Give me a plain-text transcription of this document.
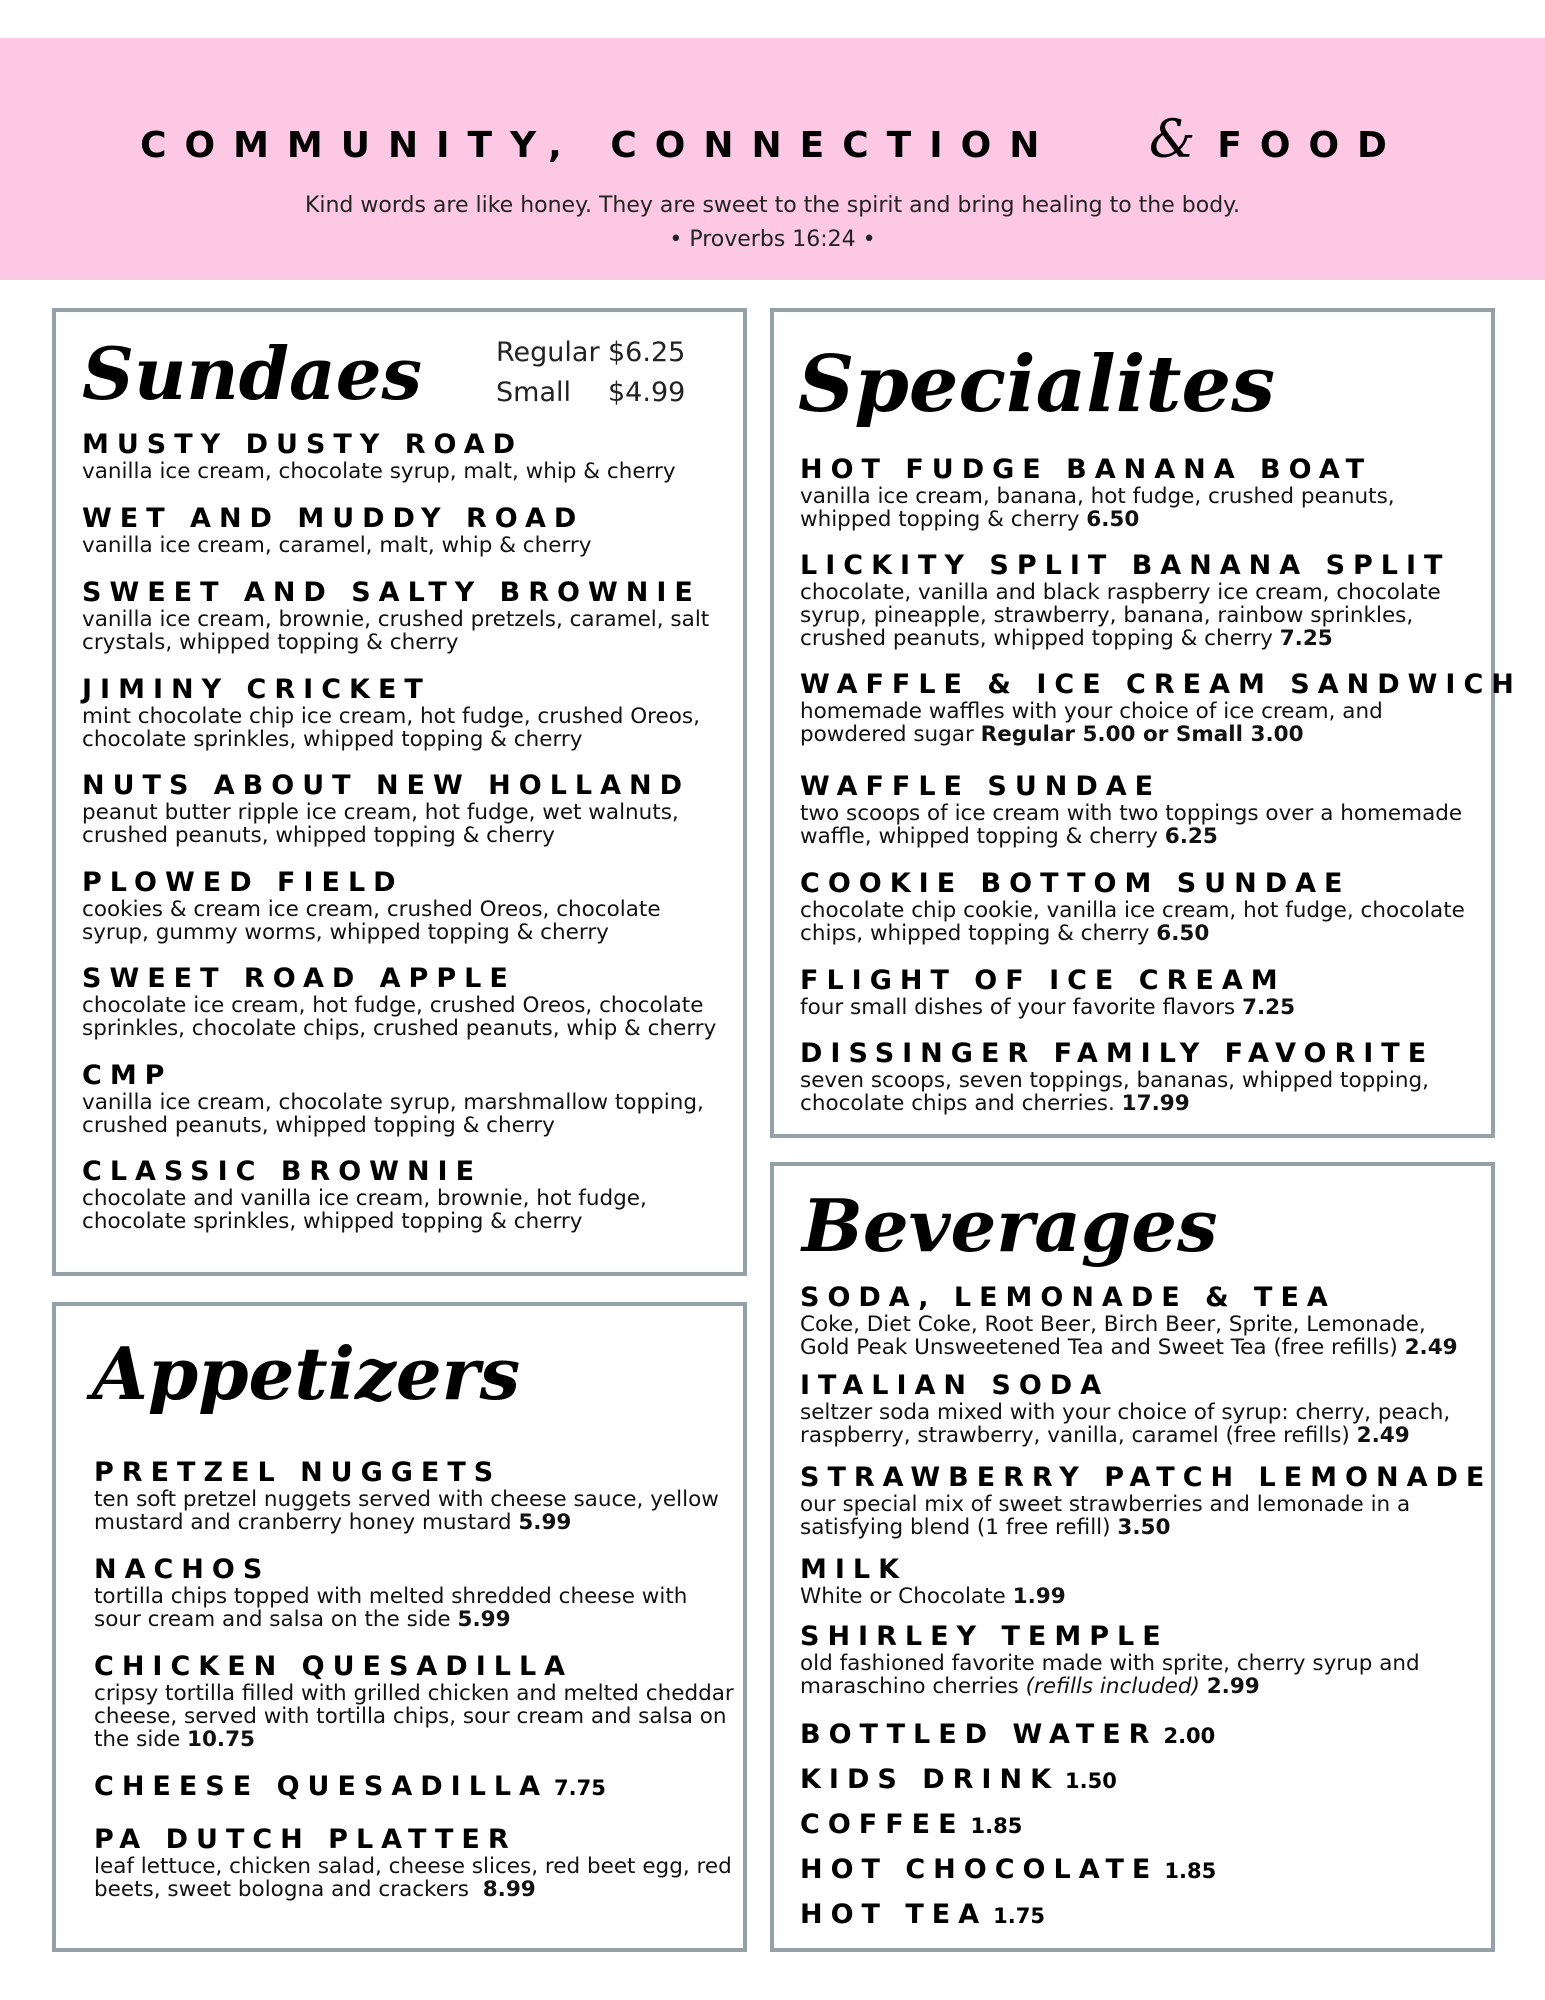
COMMUNITY, CONNECTION & FOOD
Kind words are like honey. They are sweet to the spirit and bring healing to the body.
• Proverbs 16:24 •
Sundaes	Regular $6.25
Small $4.99
MUSTY DUSTY ROAD
vanilla ice cream, chocolate syrup, malt, whip & cherry
WET AND MUDDY ROAD
vanilla ice cream, caramel, malt, whip & cherry
SWEET AND SALTY BROWNIE
vanilla ice cream, brownie, crushed pretzels, caramel, salt crystals, whipped topping & cherry
JIMINY CRICKET
mint chocolate chip ice cream, hot fudge, crushed Oreos, chocolate sprinkles, whipped topping & cherry
NUTS ABOUT NEW HOLLAND
peanut butter ripple ice cream, hot fudge, wet walnuts, crushed peanuts, whipped topping & cherry
PLOWED FIELD
cookies & cream ice cream, crushed Oreos, chocolate syrup, gummy worms, whipped topping & cherry
SWEET ROAD APPLE
chocolate ice cream, hot fudge, crushed Oreos, chocolate sprinkles, chocolate chips, crushed peanuts, whip & cherry
CMP
vanilla ice cream, chocolate syrup, marshmallow topping, crushed peanuts, whipped topping & cherry
CLASSIC BROWNIE
chocolate and vanilla ice cream, brownie, hot fudge, chocolate sprinkles, whipped topping & cherry
Appetizers
PRETZEL NUGGETS
ten soft pretzel nuggets served with cheese sauce, yellow mustard and cranberry honey mustard 5.99
NACHOS
tortilla chips topped with melted shredded cheese with sour cream and salsa on the side 5.99
CHICKEN QUESADILLA
cripsy tortilla filled with grilled chicken and melted cheddar cheese, served with tortilla chips, sour cream and salsa on the side 10.75
CHEESE QUESADILLA 7.75
PA DUTCH PLATTER
leaf lettuce, chicken salad, cheese slices, red beet egg, red beets, sweet bologna and crackers 8.99
Specialites
HOT FUDGE BANANA BOAT
vanilla ice cream, banana, hot fudge, crushed peanuts, whipped topping & cherry 6.50
LICKITY SPLIT BANANA SPLIT
chocolate, vanilla and black raspberry ice cream, chocolate syrup, pineapple, strawberry, banana, rainbow sprinkles, crushed peanuts, whipped topping & cherry 7.25
WAFFLE & ICE CREAM SANDWICH
homemade waffles with your choice of ice cream, and powdered sugar Regular 5.00 or Small 3.00
WAFFLE SUNDAE
two scoops of ice cream with two toppings over a homemade waffle, whipped topping & cherry 6.25
COOKIE BOTTOM SUNDAE
chocolate chip cookie, vanilla ice cream, hot fudge, chocolate chips, whipped topping & cherry 6.50
FLIGHT OF ICE CREAM
four small dishes of your favorite flavors 7.25
DISSINGER FAMILY FAVORITE
seven scoops, seven toppings, bananas, whipped topping, chocolate chips and cherries. 17.99
Beverages
SODA, LEMONADE & TEA
Coke, Diet Coke, Root Beer, Birch Beer, Sprite, Lemonade, Gold Peak Unsweetened Tea and Sweet Tea (free refills) 2.49
ITALIAN SODA
seltzer soda mixed with your choice of syrup: cherry, peach, raspberry, strawberry, vanilla, caramel (free refills) 2.49
STRAWBERRY PATCH LEMONADE
our special mix of sweet strawberries and lemonade in a satisfying blend (1 free refill) 3.50
MILK
White or Chocolate 1.99
SHIRLEY TEMPLE
old fashioned favorite made with sprite, cherry syrup and maraschino cherries (refills included) 2.99
BOTTLED WATER 2.00
KIDS DRINK 1.50
COFFEE 1.85
HOT CHOCOLATE 1.85
HOT TEA 1.75
